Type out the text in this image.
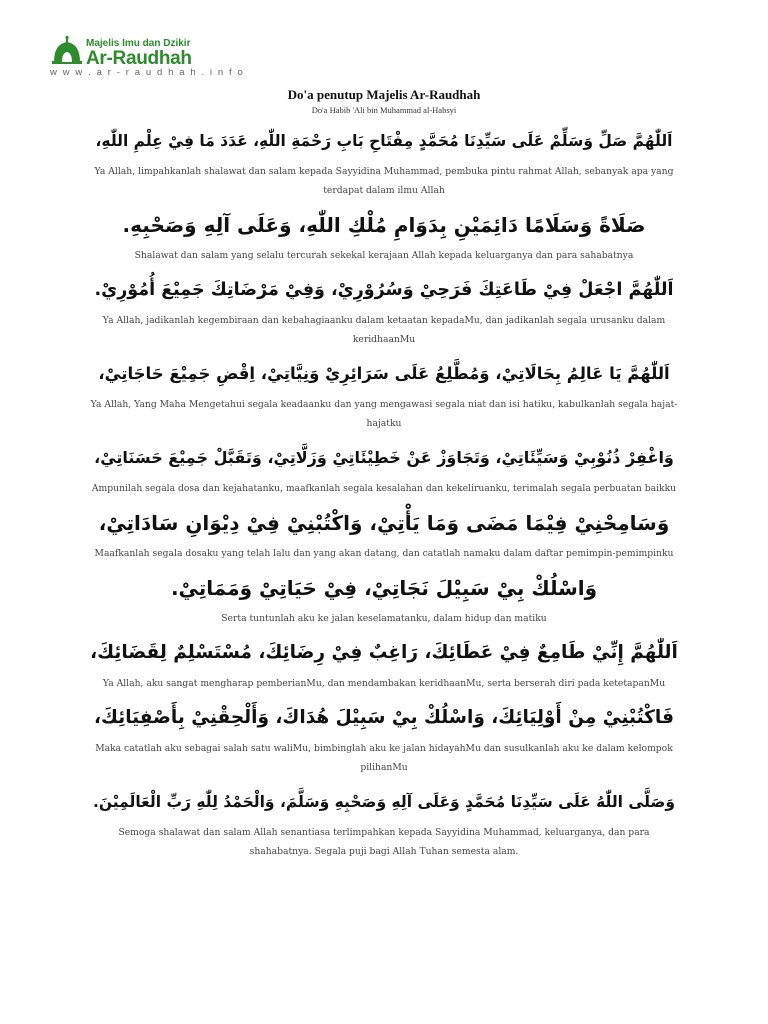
Majelis Imu dan Dzikir
Ar-Raudhah
w w w . a r - r a u d h a h . i n f o
Do'a penutup Majelis Ar-Raudhah

Do'a Habib 'Ali bin Muhammad al-Habsyi

اَللّٰهُمَّ صَلِّ وَسَلِّمْ عَلَى سَيِّدِنَا مُحَمَّدٍ مِفْتَاحِ بَابِ رَحْمَةِ اللّٰهِ، عَدَدَ مَا فِيْ عِلْمِ اللّٰهِ،

Ya Allah, limpahkanlah shalawat dan salam kepada Sayyidina Muhammad, pembuka pintu rahmat Allah, sebanyak apa yang terdapat dalam ilmu Allah

صَلَاةً وَسَلَامًا دَائِمَيْنِ بِدَوَامِ مُلْكِ اللّٰهِ، وَعَلَى آلِهِ وَصَحْبِهِ.

Shalawat dan salam yang selalu tercurah sekekal kerajaan Allah kepada keluarganya dan para sahabatnya

اَللّٰهُمَّ اجْعَلْ فِيْ طَاعَتِكَ فَرَحِيْ وَسُرُوْرِيْ، وَفِيْ مَرْضَاتِكَ جَمِيْعَ أُمُوْرِيْ.

Ya Allah, jadikanlah kegembiraan dan kebahagiaanku dalam ketaatan kepadaMu, dan jadikanlah segala urusanku dalam keridhaanMu

اَللّٰهُمَّ يَا عَالِمُ بِحَالَاتِيْ، وَمُطَّلِعُ عَلَى سَرَائِرِيْ وَنِيَّاتِيْ، اِقْضِ جَمِيْعَ حَاجَاتِيْ،

Ya Allah, Yang Maha Mengetahui segala keadaanku dan yang mengawasi segala niat dan isi hatiku, kabulkanlah segala hajat-hajatku

وَاغْفِرْ ذُنُوْبِيْ وَسَيِّئَاتِيْ، وَتَجَاوَزْ عَنْ خَطِيْئَاتِيْ وَزَلَّاتِيْ، وَتَقَبَّلْ جَمِيْعَ حَسَنَاتِيْ،

Ampunilah segala dosa dan kejahatanku, maafkanlah segala kesalahan dan kekeliruanku, terimalah segala perbuatan baikku

وَسَامِحْنِيْ فِيْمَا مَضَى وَمَا يَأْتِيْ، وَاكْتُبْنِيْ فِيْ دِيْوَانِ سَادَاتِيْ،

Maafkanlah segala dosaku yang telah lalu dan yang akan datang, dan catatlah namaku dalam daftar pemimpin-pemimpinku

وَاسْلُكْ بِيْ سَبِيْلَ نَجَاتِيْ، فِيْ حَيَاتِيْ وَمَمَاتِيْ.

Serta tuntunlah aku ke jalan keselamatanku, dalam hidup dan matiku

اَللّٰهُمَّ إِنِّيْ طَامِعٌ فِيْ عَطَائِكَ، رَاغِبٌ فِيْ رِضَائِكَ، مُسْتَسْلِمٌ لِقَضَائِكَ،

Ya Allah, aku sangat mengharap pemberianMu, dan mendambakan keridhaanMu, serta berserah diri pada ketetapanMu

فَاكْتُبْنِيْ مِنْ أَوْلِيَائِكَ، وَاسْلُكْ بِيْ سَبِيْلَ هُدَاكَ، وَأَلْحِقْنِيْ بِأَصْفِيَائِكَ،

Maka catatlah aku sebagai salah satu waliMu, bimbinglah aku ke jalan hidayahMu dan susulkanlah aku ke dalam kelompok pilihanMu

وَصَلَّى اللّٰهُ عَلَى سَيِّدِنَا مُحَمَّدٍ وَعَلَى آلِهِ وَصَحْبِهِ وَسَلَّمَ، وَالْحَمْدُ لِلّٰهِ رَبِّ الْعَالَمِيْنَ.

Semoga shalawat dan salam Allah senantiasa terlimpahkan kepada Sayyidina Muhammad, keluarganya, dan para shahabatnya. Segala puji bagi Allah Tuhan semesta alam.
